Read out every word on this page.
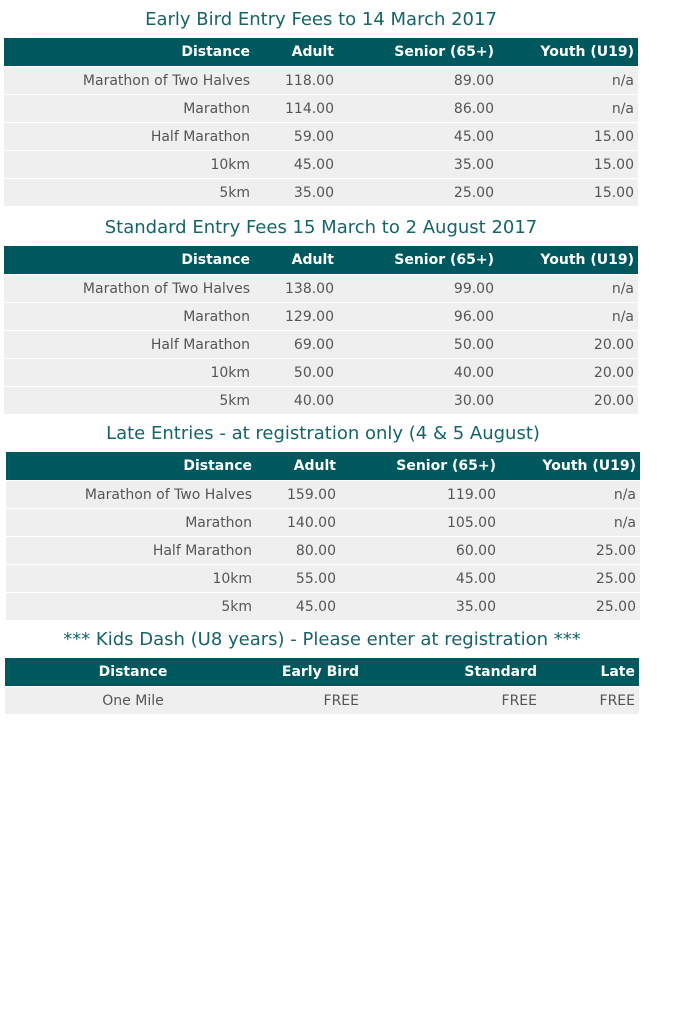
Early Bird Entry Fees to 14 March 2017
Distance	Adult	Senior (65+)	Youth (U19)
Marathon of Two Halves	118.00	89.00	n/a
Marathon	114.00	86.00	n/a
Half Marathon	59.00	45.00	15.00
10km	45.00	35.00	15.00
5km	35.00	25.00	15.00
Standard Entry Fees 15 March to 2 August 2017
Distance	Adult	Senior (65+)	Youth (U19)
Marathon of Two Halves	138.00	99.00	n/a
Marathon	129.00	96.00	n/a
Half Marathon	69.00	50.00	20.00
10km	50.00	40.00	20.00
5km	40.00	30.00	20.00
Late Entries - at registration only (4 & 5 August)
Distance	Adult	Senior (65+)	Youth (U19)
Marathon of Two Halves	159.00	119.00	n/a
Marathon	140.00	105.00	n/a
Half Marathon	80.00	60.00	25.00
10km	55.00	45.00	25.00
5km	45.00	35.00	25.00
*** Kids Dash (U8 years) - Please enter at registration ***
Distance	Early Bird	Standard	Late
One Mile	FREE	FREE	FREE
